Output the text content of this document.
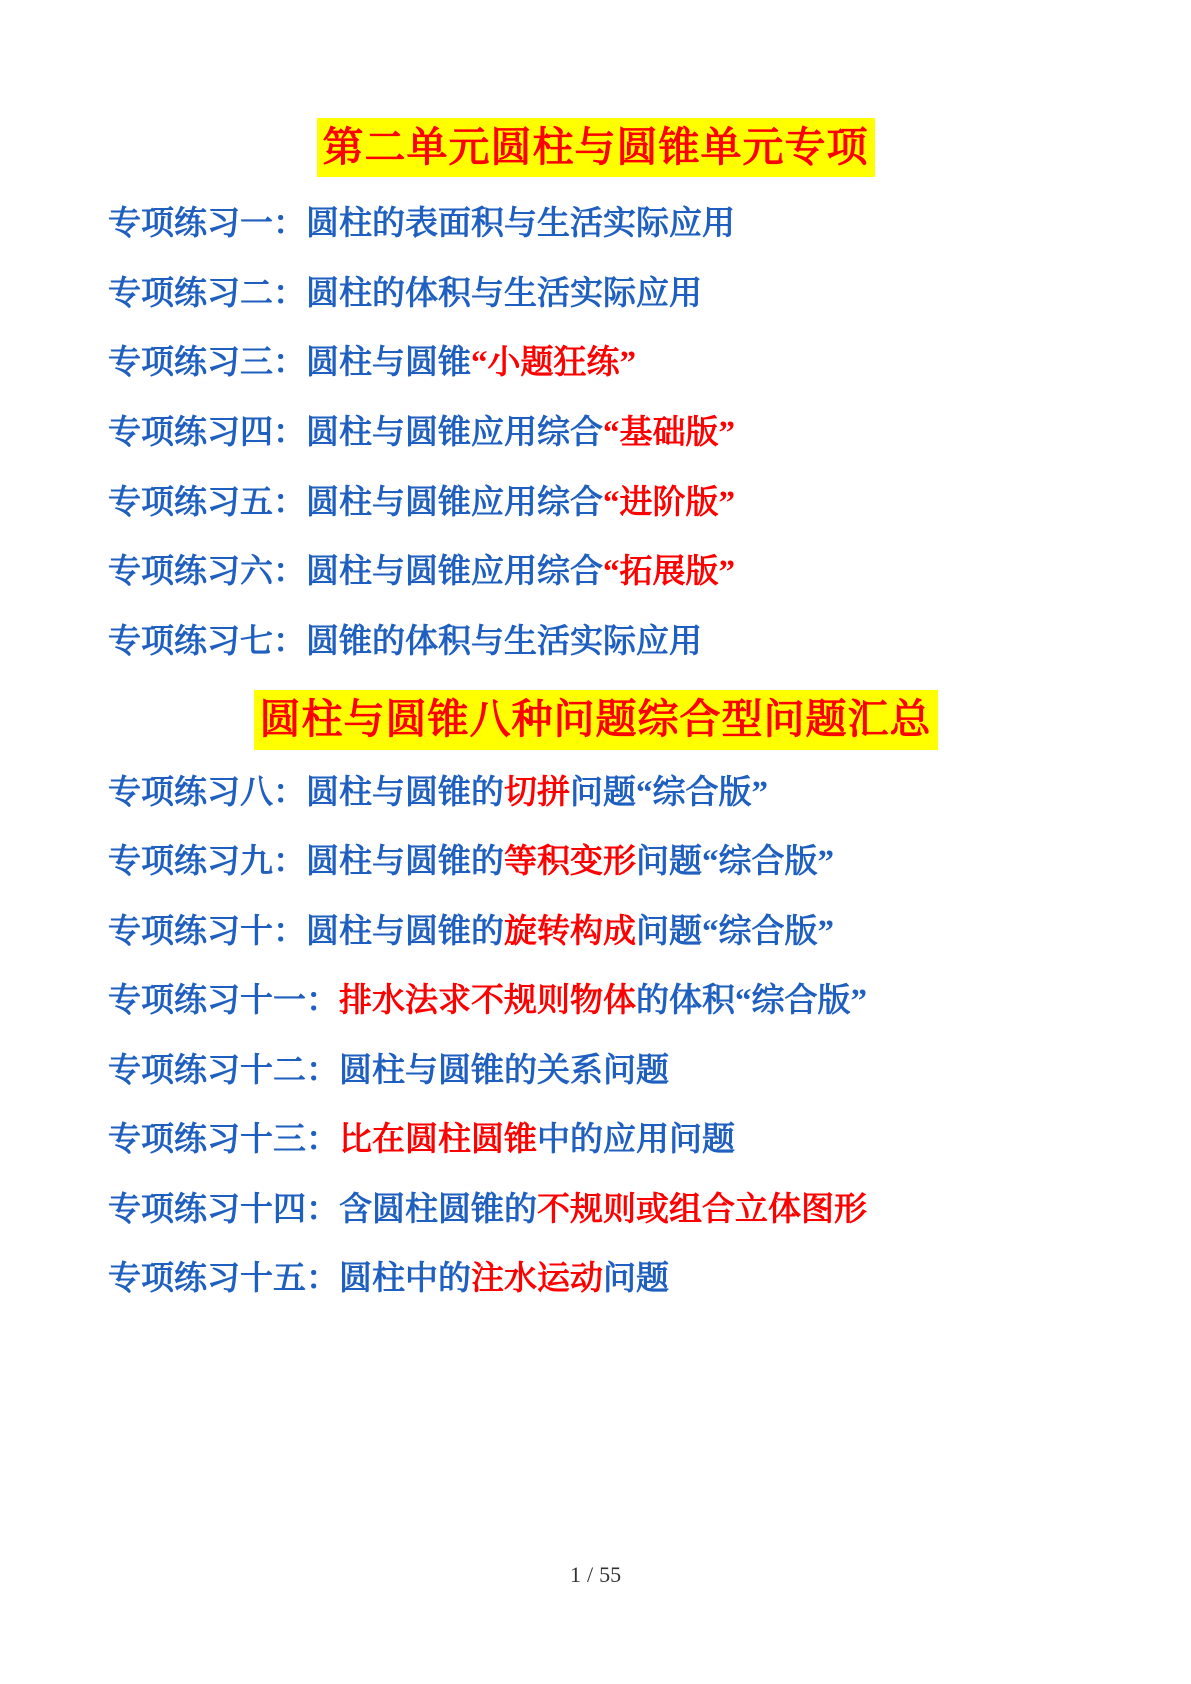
第二单元圆柱与圆锥单元专项
专项练习一：圆柱的表面积与生活实际应用
专项练习二：圆柱的体积与生活实际应用
专项练习三：圆柱与圆锥“小题狂练”
专项练习四：圆柱与圆锥应用综合“基础版”
专项练习五：圆柱与圆锥应用综合“进阶版”
专项练习六：圆柱与圆锥应用综合“拓展版”
专项练习七：圆锥的体积与生活实际应用
圆柱与圆锥八种问题综合型问题汇总
专项练习八：圆柱与圆锥的切拼问题“综合版”
专项练习九：圆柱与圆锥的等积变形问题“综合版”
专项练习十：圆柱与圆锥的旋转构成问题“综合版”
专项练习十一：排水法求不规则物体的体积“综合版”
专项练习十二：圆柱与圆锥的关系问题
专项练习十三：比在圆柱圆锥中的应用问题
专项练习十四：含圆柱圆锥的不规则或组合立体图形
专项练习十五：圆柱中的注水运动问题
1 / 55
